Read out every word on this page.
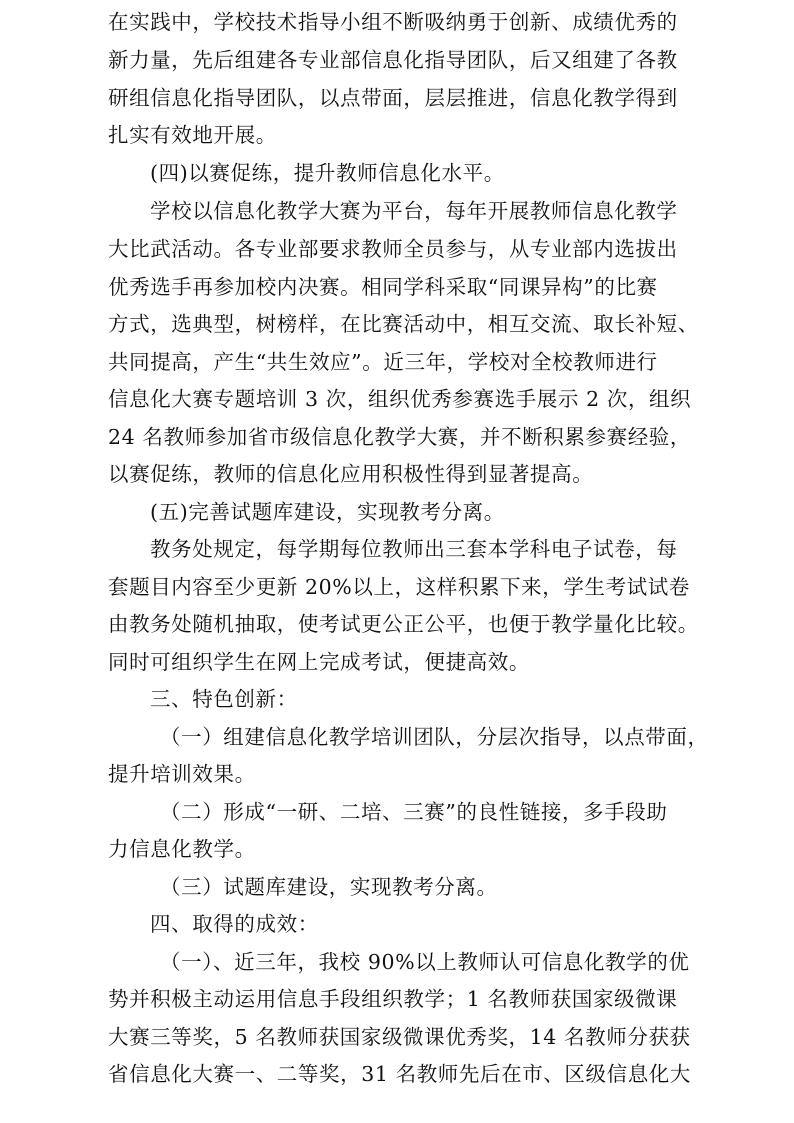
在实践中，学校技术指导小组不断吸纳勇于创新、成绩优秀的
新力量，先后组建各专业部信息化指导团队，后又组建了各教
研组信息化指导团队，以点带面，层层推进，信息化教学得到
扎实有效地开展。
(四)以赛促练，提升教师信息化水平。
学校以信息化教学大赛为平台，每年开展教师信息化教学
大比武活动。各专业部要求教师全员参与，从专业部内选拔出
优秀选手再参加校内决赛。相同学科采取“同课异构”的比赛
方式，选典型，树榜样，在比赛活动中，相互交流、取长补短、
共同提高，产生“共生效应”。近三年，学校对全校教师进行
信息化大赛专题培训 3 次，组织优秀参赛选手展示 2 次，组织
24 名教师参加省市级信息化教学大赛，并不断积累参赛经验，
以赛促练，教师的信息化应用积极性得到显著提高。
(五)完善试题库建设，实现教考分离。
教务处规定，每学期每位教师出三套本学科电子试卷，每
套题目内容至少更新 20%以上，这样积累下来，学生考试试卷
由教务处随机抽取，使考试更公正公平，也便于教学量化比较。
同时可组织学生在网上完成考试，便捷高效。
三、特色创新：
（一）组建信息化教学培训团队，分层次指导，以点带面，
提升培训效果。
（二）形成“一研、二培、三赛”的良性链接，多手段助
力信息化教学。
（三）试题库建设，实现教考分离。
四、取得的成效：
（一）、近三年，我校 90%以上教师认可信息化教学的优
势并积极主动运用信息手段组织教学；1 名教师获国家级微课
大赛三等奖，5 名教师获国家级微课优秀奖，14 名教师分获获
省信息化大赛一、二等奖，31 名教师先后在市、区级信息化大
